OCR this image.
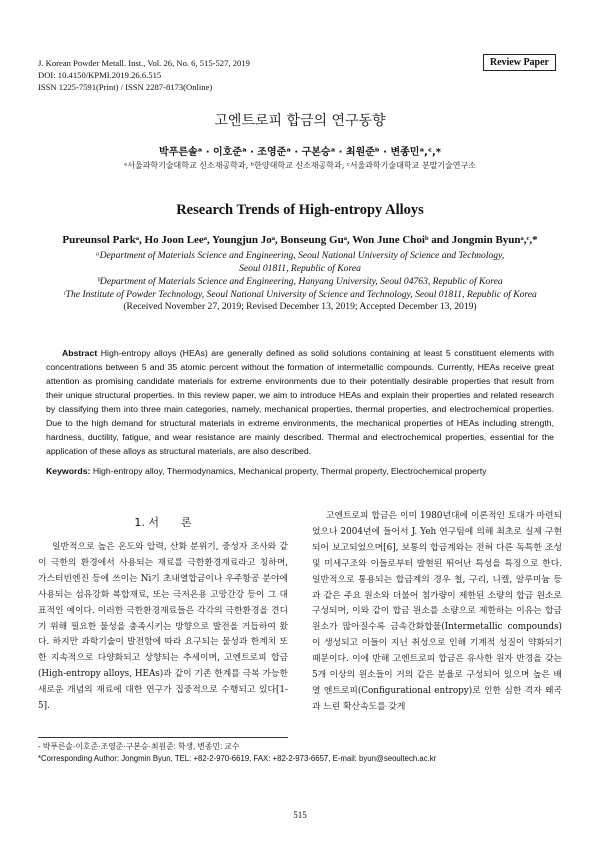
J. Korean Powder Metall. Inst., Vol. 26, No. 6, 515-527, 2019
DOI: 10.4150/KPMI.2019.26.6.515
ISSN 1225-7591(Print) / ISSN 2287-8173(Online)
Review Paper
고엔트로피 합금의 연구동향
박푸른솔ᵃ · 이호준ᵃ · 조영준ᵃ · 구본승ᵃ · 최원준ᵇ · 변종민ᵃ,ᶜ,*
ᵃ서울과학기술대학교 신소재공학과, ᵇ한양대학교 신소재공학과, ᶜ서울과학기술대학교 분말기술연구소
Research Trends of High-entropy Alloys
Pureunsol Parkᵃ, Ho Joon Leeᵃ, Youngjun Joᵃ, Bonseung Guᵃ, Won June Choiᵇ and Jongmin Byunᵃ,ᶜ,*
ᵃDepartment of Materials Science and Engineering, Seoul National University of Science and Technology,
Seoul 01811, Republic of Korea
ᵇDepartment of Materials Science and Engineering, Hanyang University, Seoul 04763, Republic of Korea
ᶜThe Institute of Powder Technology, Seoul National University of Science and Technology, Seoul 01811, Republic of Korea
(Received November 27, 2019; Revised December 13, 2019; Accepted December 13, 2019)
Abstract High-entropy alloys (HEAs) are generally defined as solid solutions containing at least 5 constituent elements with concentrations between 5 and 35 atomic percent without the formation of intermetallic compounds. Currently, HEAs receive great attention as promising candidate materials for extreme environments due to their potentially desirable properties that result from their unique structural properties. In this review paper, we aim to introduce HEAs and explain their properties and related research by classifying them into three main categories, namely, mechanical properties, thermal properties, and electrochemical properties. Due to the high demand for structural materials in extreme environments, the mechanical properties of HEAs including strength, hardness, ductility, fatigue, and wear resistance are mainly described. Thermal and electrochemical properties, essential for the application of these alloys as structural materials, are also described.
Keywords: High-entropy alloy, Thermodynamics, Mechanical property, Thermal property, Electrochemical property
1. 서　　론
일반적으로 높은 온도와 압력, 산화 분위기, 중성자 조사와 같이 극한의 환경에서 사용되는 재료를 극한환경재료라고 칭하며, 가스터빈엔진 등에 쓰이는 Ni기 초내열합금이나 우주항공 분야에 사용되는 섬유강화 복합재료, 또는 극저온용 고망간강 등이 그 대표적인 예이다. 이러한 극한환경재료들은 각각의 극한환경을 견디기 위해 필요한 물성을 충족시키는 방향으로 발전을 거듭하여 왔다. 하지만 과학기술이 발전함에 따라 요구되는 물성과 한계치 또한 지속적으로 다양화되고 상향되는 추세이며, 고엔트로피 합금(High-entropy alloys, HEAs)과 같이 기존 한계를 극복 가능한 새로운 개념의 재료에 대한 연구가 집중적으로 수행되고 있다[1-5].
고엔트로피 합금은 이미 1980년대에 이론적인 토대가 마련되었으나 2004년에 들어서 J. Yeh 연구팀에 의해 최초로 실제 구현되어 보고되었으며[6], 보통의 합금계와는 전혀 다른 독특한 조성 및 미세구조와 이들로부터 발현된 뛰어난 특성을 특징으로 한다. 일반적으로 통용되는 합금계의 경우 철, 구리, 니켈, 알루미늄 등과 같은 주요 원소와 더불어 첨가량이 제한된 소량의 합금 원소로 구성되며, 이와 같이 합금 원소를 소량으로 제한하는 이유는 합금원소가 많아질수록 금속간화합물(Intermetallic compounds)이 생성되고 이들이 지닌 취성으로 인해 기계적 성질이 약화되기 때문이다. 이에 반해 고엔트로피 합금은 유사한 원자 반경을 갖는 5개 이상의 원소들이 거의 같은 분율로 구성되어 있으며 높은 배열 엔트로피(Configurational entropy)로 인한 심한 격자 왜곡과 느린 확산속도를 갖게
- 박푸른솔·이호준·조영준·구본승·최원준: 학생, 변종민: 교수
*Corresponding Author: Jongmin Byun, TEL: +82-2-970-6619, FAX: +82-2-973-6657, E-mail: byun@seoultech.ac.kr
515
